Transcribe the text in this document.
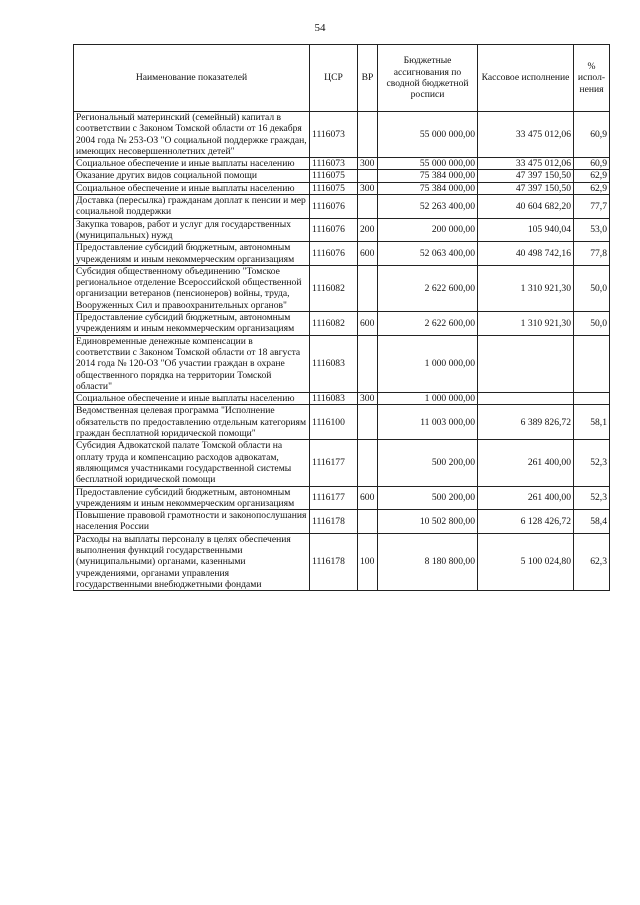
54
Наименование показателей	ЦСР	ВР	Бюджетные ассигнования по сводной бюджетной росписи	Кассовое исполнение	% испол-нения
Региональный материнский (семейный) капитал в соответствии с Законом Томской области от 16 декабря 2004 года № 253-ОЗ "О социальной поддержке граждан, имеющих несовершеннолетних детей"	1116073		55 000 000,00	33 475 012,06	60,9
Социальное обеспечение и иные выплаты населению	1116073	300	55 000 000,00	33 475 012,06	60,9
Оказание других видов социальной помощи	1116075		75 384 000,00	47 397 150,50	62,9
Социальное обеспечение и иные выплаты населению	1116075	300	75 384 000,00	47 397 150,50	62,9
Доставка (пересылка) гражданам доплат к пенсии и мер социальной поддержки	1116076		52 263 400,00	40 604 682,20	77,7
Закупка товаров, работ и услуг для государственных (муниципальных) нужд	1116076	200	200 000,00	105 940,04	53,0
Предоставление субсидий бюджетным, автономным учреждениям и иным некоммерческим организациям	1116076	600	52 063 400,00	40 498 742,16	77,8
Субсидия общественному объединению "Томское региональное отделение Всероссийской общественной организации ветеранов (пенсионеров) войны, труда, Вооруженных Сил и правоохранительных органов"	1116082		2 622 600,00	1 310 921,30	50,0
Предоставление субсидий бюджетным, автономным учреждениям и иным некоммерческим организациям	1116082	600	2 622 600,00	1 310 921,30	50,0
Единовременные денежные компенсации в соответствии с Законом Томской области от 18 августа 2014 года № 120-ОЗ "Об участии граждан в охране общественного порядка на территории Томской области"	1116083		1 000 000,00		
Социальное обеспечение и иные выплаты населению	1116083	300	1 000 000,00		
Ведомственная целевая программа "Исполнение обязательств по предоставлению отдельным категориям граждан бесплатной юридической помощи"	1116100		11 003 000,00	6 389 826,72	58,1
Субсидия Адвокатской палате Томской области на оплату труда и компенсацию расходов адвокатам, являющимся участниками государственной системы бесплатной юридической помощи	1116177		500 200,00	261 400,00	52,3
Предоставление субсидий бюджетным, автономным учреждениям и иным некоммерческим организациям	1116177	600	500 200,00	261 400,00	52,3
Повышение правовой грамотности и законопослушания населения России	1116178		10 502 800,00	6 128 426,72	58,4
Расходы на выплаты персоналу в целях обеспечения выполнения функций государственными (муниципальными) органами, казенными учреждениями, органами управления государственными внебюджетными фондами	1116178	100	8 180 800,00	5 100 024,80	62,3
